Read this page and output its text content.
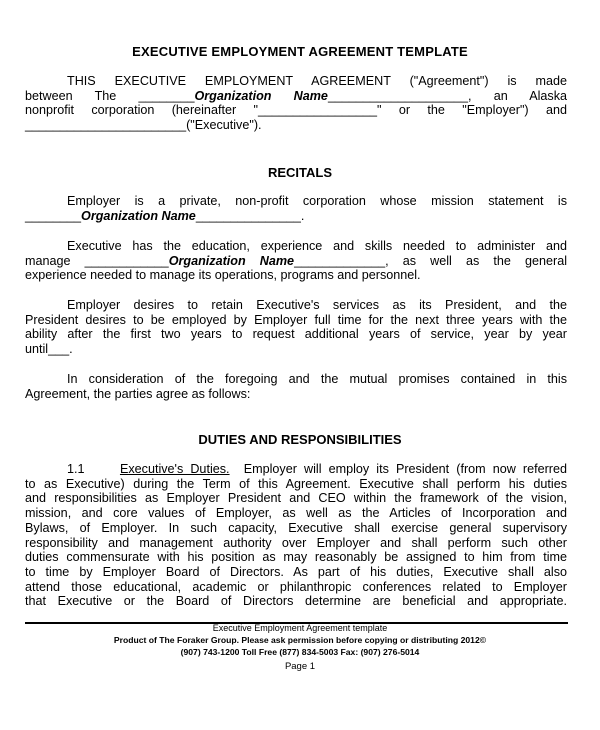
EXECUTIVE EMPLOYMENT AGREEMENT TEMPLATE
THIS EXECUTIVE EMPLOYMENT AGREEMENT ("Agreement") is made
between The ________Organization Name____________________, an Alaska
nonprofit corporation (hereinafter "_________________" or the "Employer") and
_______________________("Executive").
RECITALS
Employer is a private, non-profit corporation whose mission statement is
________Organization Name_______________.
Executive has the education, experience and skills needed to administer and
manage ____________Organization Name_____________, as well as the general
experience needed to manage its operations, programs and personnel.
Employer desires to retain Executive's services as its President, and the
President desires to be employed by Employer full time for the next three years with the
ability after the first two years to request additional years of service, year by year
until___.
In consideration of the foregoing and the mutual promises contained in this
Agreement, the parties agree as follows:
DUTIES AND RESPONSIBILITIES
1.1	Executive's Duties. Employer will employ its President (from now referred
to as Executive) during the Term of this Agreement. Executive shall perform his duties
and responsibilities as Employer President and CEO within the framework of the vision,
mission, and core values of Employer, as well as the Articles of Incorporation and
Bylaws, of Employer. In such capacity, Executive shall exercise general supervisory
responsibility and management authority over Employer and shall perform such other
duties commensurate with his position as may reasonably be assigned to him from time
to time by Employer Board of Directors. As part of his duties, Executive shall also
attend those educational, academic or philanthropic conferences related to Employer
that Executive or the Board of Directors determine are beneficial and appropriate.
Executive Employment Agreement template
Product of The Foraker Group. Please ask permission before copying or distributing 2012©
(907) 743-1200 Toll Free (877) 834-5003 Fax: (907) 276-5014
Page 1
